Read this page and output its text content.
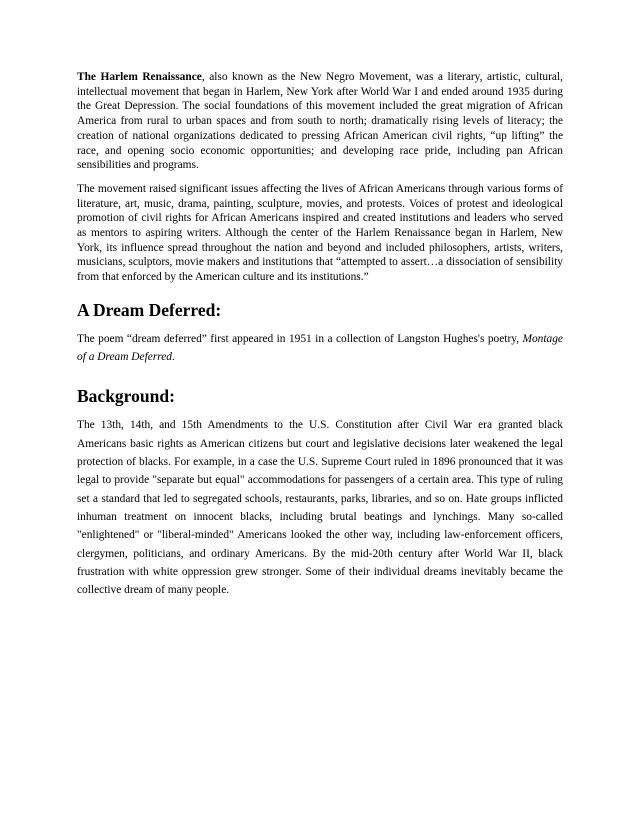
The Harlem Renaissance, also known as the New Negro Movement, was a literary, artistic, cultural, intellectual movement that began in Harlem, New York after World War I and ended around 1935 during the Great Depression. The social foundations of this movement included the great migration of African America from rural to urban spaces and from south to north; dramatically rising levels of literacy; the creation of national organizations dedicated to pressing African American civil rights, “up lifting” the race, and opening socio economic opportunities; and developing race pride, including pan African sensibilities and programs.

The movement raised significant issues affecting the lives of African Americans through various forms of literature, art, music, drama, painting, sculpture, movies, and protests. Voices of protest and ideological promotion of civil rights for African Americans inspired and created institutions and leaders who served as mentors to aspiring writers. Although the center of the Harlem Renaissance began in Harlem, New York, its influence spread throughout the nation and beyond and included philosophers, artists, writers, musicians, sculptors, movie makers and institutions that “attempted to assert…a dissociation of sensibility from that enforced by the American culture and its institutions.”

A Dream Deferred:

The poem “dream deferred” first appeared in 1951 in a collection of Langston Hughes's poetry, Montage of a Dream Deferred.

Background:

The 13th, 14th, and 15th Amendments to the U.S. Constitution after Civil War era granted black Americans basic rights as American citizens but court and legislative decisions later weakened the legal protection of blacks. For example, in a case the U.S. Supreme Court ruled in 1896 pronounced that it was legal to provide "separate but equal" accommodations for passengers of a certain area. This type of ruling set a standard that led to segregated schools, restaurants, parks, libraries, and so on. Hate groups inflicted inhuman treatment on innocent blacks, including brutal beatings and lynchings. Many so-called "enlightened" or "liberal-minded" Americans looked the other way, including law-enforcement officers, clergymen, politicians, and ordinary Americans. By the mid-20th century after World War II, black frustration with white oppression grew stronger. Some of their individual dreams inevitably became the collective dream of many people.
